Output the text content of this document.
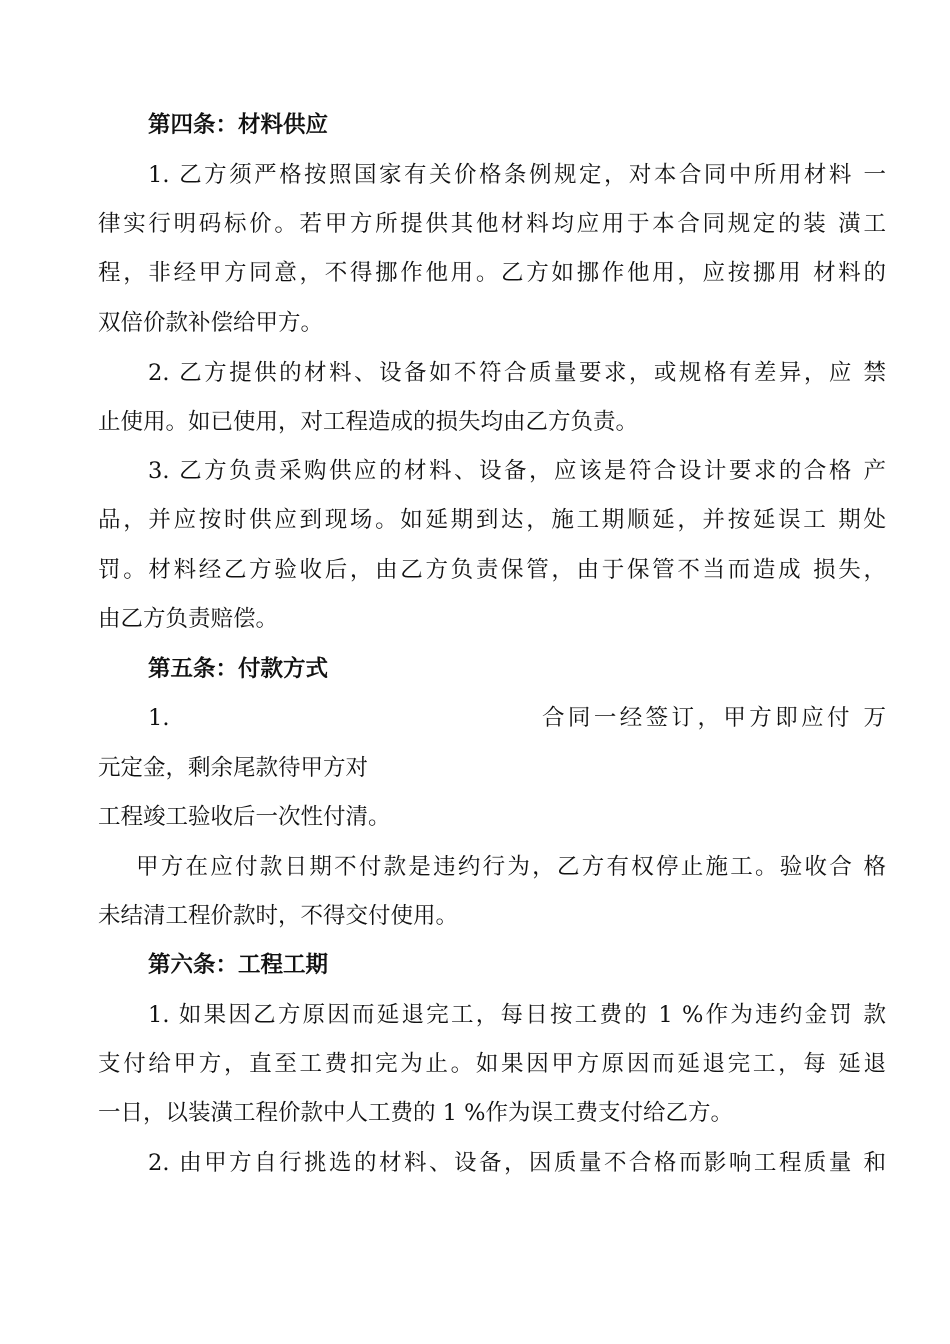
第四条：材料供应
1. 乙方须严格按照国家有关价格条例规定，对本合同中所用材料 一
律实行明码标价。若甲方所提供其他材料均应用于本合同规定的装 潢工
程，非经甲方同意，不得挪作他用。乙方如挪作他用，应按挪用 材料的
双倍价款补偿给甲方。
2. 乙方提供的材料、设备如不符合质量要求，或规格有差异，应 禁
止使用。如已使用，对工程造成的损失均由乙方负责。
3. 乙方负责采购供应的材料、设备，应该是符合设计要求的合格 产
品，并应按时供应到现场。如延期到达，施工期顺延，并按延误工 期处
罚。材料经乙方验收后，由乙方负责保管，由于保管不当而造成 损失，
由乙方负责赔偿。
第五条：付款方式
1.	合同一经签订，甲方即应付 万
元定金，剩余尾款待甲方对
工程竣工验收后一次性付清。
甲方在应付款日期不付款是违约行为，乙方有权停止施工。验收合 格
未结清工程价款时，不得交付使用。
第六条：工程工期
1. 如果因乙方原因而延退完工，每日按工费的 1 %作为违约金罚 款
支付给甲方，直至工费扣完为止。如果因甲方原因而延退完工，每 延退
一日，以装潢工程价款中人工费的 1 %作为误工费支付给乙方。
2. 由甲方自行挑选的材料、设备，因质量不合格而影响工程质量 和
